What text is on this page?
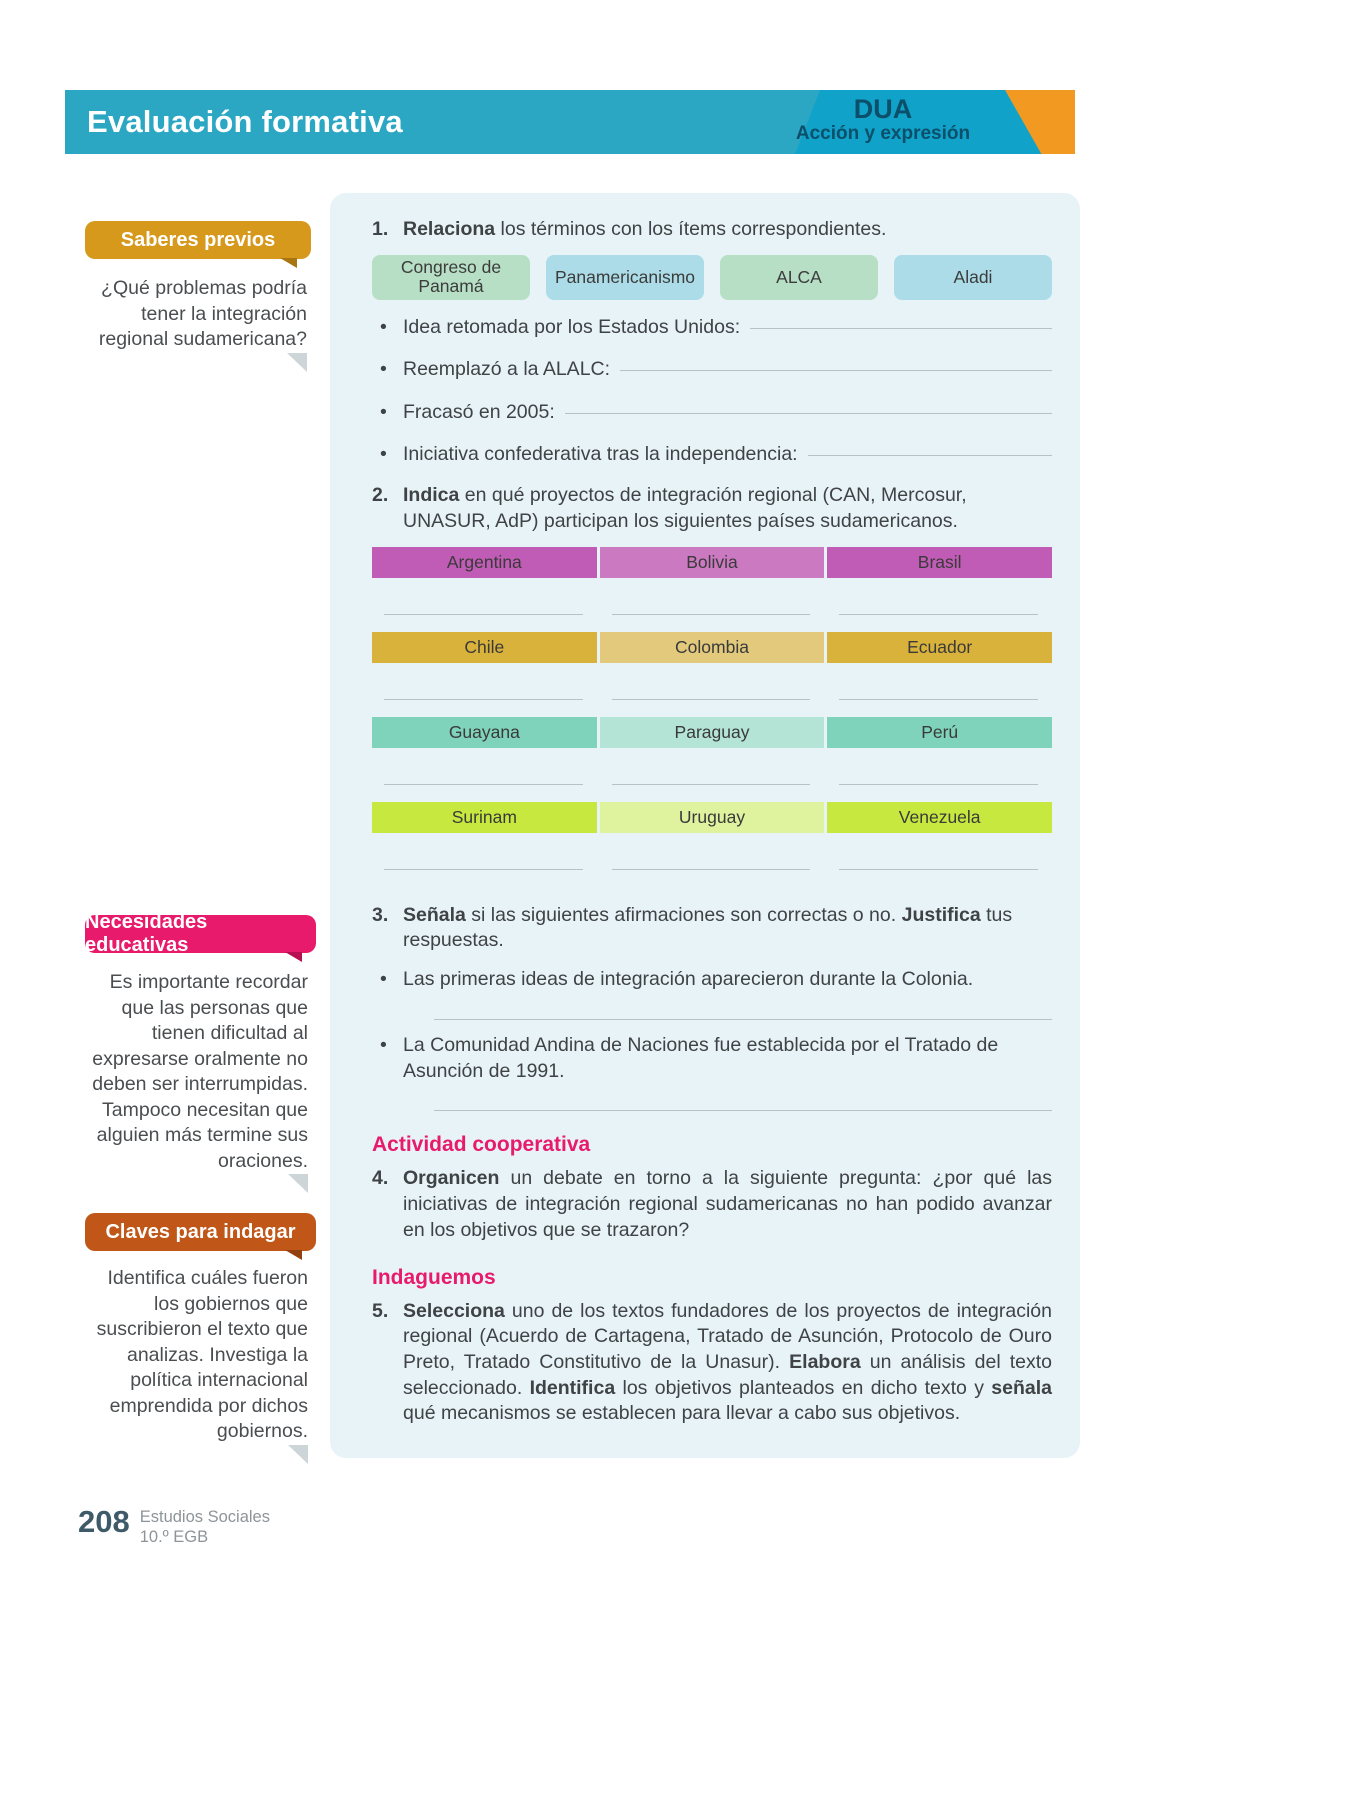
Evaluación formativa	DUA
Acción y expresión
Saberes previos
¿Qué problemas podría tener la integración regional sudamericana?
Necesidades educativas
Es importante recordar que las personas que tienen dificultad al expresarse oralmente no deben ser interrumpidas. Tampoco necesitan que alguien más termine sus oraciones.
Claves para indagar
Identifica cuáles fueron los gobiernos que suscribieron el texto que analizas. Investiga la política internacional emprendida por dichos gobiernos.
1. Relaciona los términos con los ítems correspondientes.

Congreso de Panamá	Panamericanismo	ALCA	Aladi
• Idea retomada por los Estados Unidos:
• Reemplazó a la ALALC:
• Fracasó en 2005:
• Iniciativa confederativa tras la independencia:
2. Indica en qué proyectos de integración regional (CAN, Mercosur, UNASUR, AdP) participan los siguientes países sudamericanos.

Argentina	Bolivia	Brasil
Chile	Colombia	Ecuador
Guayana	Paraguay	Perú
Surinam	Uruguay	Venezuela
3. Señala si las siguientes afirmaciones son correctas o no. Justifica tus respuestas.

• Las primeras ideas de integración aparecieron durante la Colonia.
• La Comunidad Andina de Naciones fue establecida por el Tratado de Asunción de 1991.
Actividad cooperativa
4. Organicen un debate en torno a la siguiente pregunta: ¿por qué las iniciativas de integración regional sudamericanas no han podido avanzar en los objetivos que se trazaron?

Indaguemos
5. Selecciona uno de los textos fundadores de los proyectos de integración regional (Acuerdo de Cartagena, Tratado de Asunción, Protocolo de Ouro Preto, Tratado Constitutivo de la Unasur). Elabora un análisis del texto seleccionado. Identifica los objetivos planteados en dicho texto y señala qué mecanismos se establecen para llevar a cabo sus objetivos.

208 Estudios Sociales
10.º EGB
